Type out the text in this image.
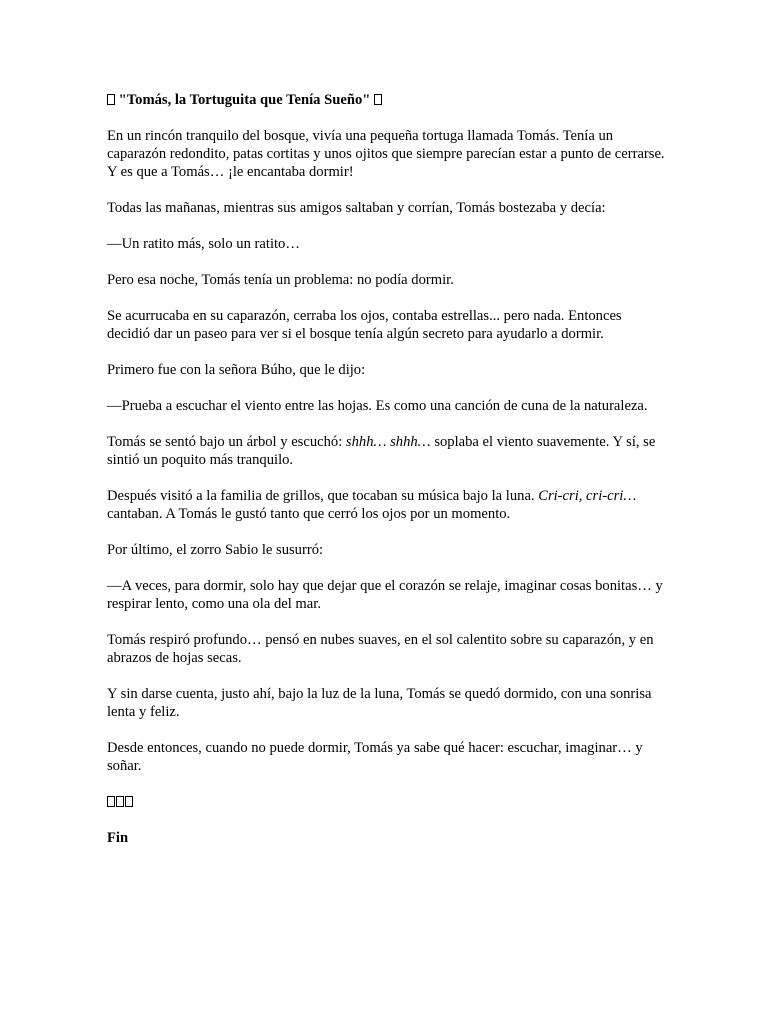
"Tomás, la Tortuguita que Tenía Sueño"

En un rincón tranquilo del bosque, vivía una pequeña tortuga llamada Tomás. Tenía un caparazón redondito, patas cortitas y unos ojitos que siempre parecían estar a punto de cerrarse. Y es que a Tomás… ¡le encantaba dormir!

Todas las mañanas, mientras sus amigos saltaban y corrían, Tomás bostezaba y decía:

—Un ratito más, solo un ratito…

Pero esa noche, Tomás tenía un problema: no podía dormir.

Se acurrucaba en su caparazón, cerraba los ojos, contaba estrellas... pero nada. Entonces decidió dar un paseo para ver si el bosque tenía algún secreto para ayudarlo a dormir.

Primero fue con la señora Búho, que le dijo:

—Prueba a escuchar el viento entre las hojas. Es como una canción de cuna de la naturaleza.

Tomás se sentó bajo un árbol y escuchó: shhh… shhh… soplaba el viento suavemente. Y sí, se sintió un poquito más tranquilo.

Después visitó a la familia de grillos, que tocaban su música bajo la luna. Cri-cri, cri-cri… cantaban. A Tomás le gustó tanto que cerró los ojos por un momento.

Por último, el zorro Sabio le susurró:

—A veces, para dormir, solo hay que dejar que el corazón se relaje, imaginar cosas bonitas… y respirar lento, como una ola del mar.

Tomás respiró profundo… pensó en nubes suaves, en el sol calentito sobre su caparazón, y en abrazos de hojas secas.

Y sin darse cuenta, justo ahí, bajo la luz de la luna, Tomás se quedó dormido, con una sonrisa lenta y feliz.

Desde entonces, cuando no puede dormir, Tomás ya sabe qué hacer: escuchar, imaginar… y soñar.

Fin
